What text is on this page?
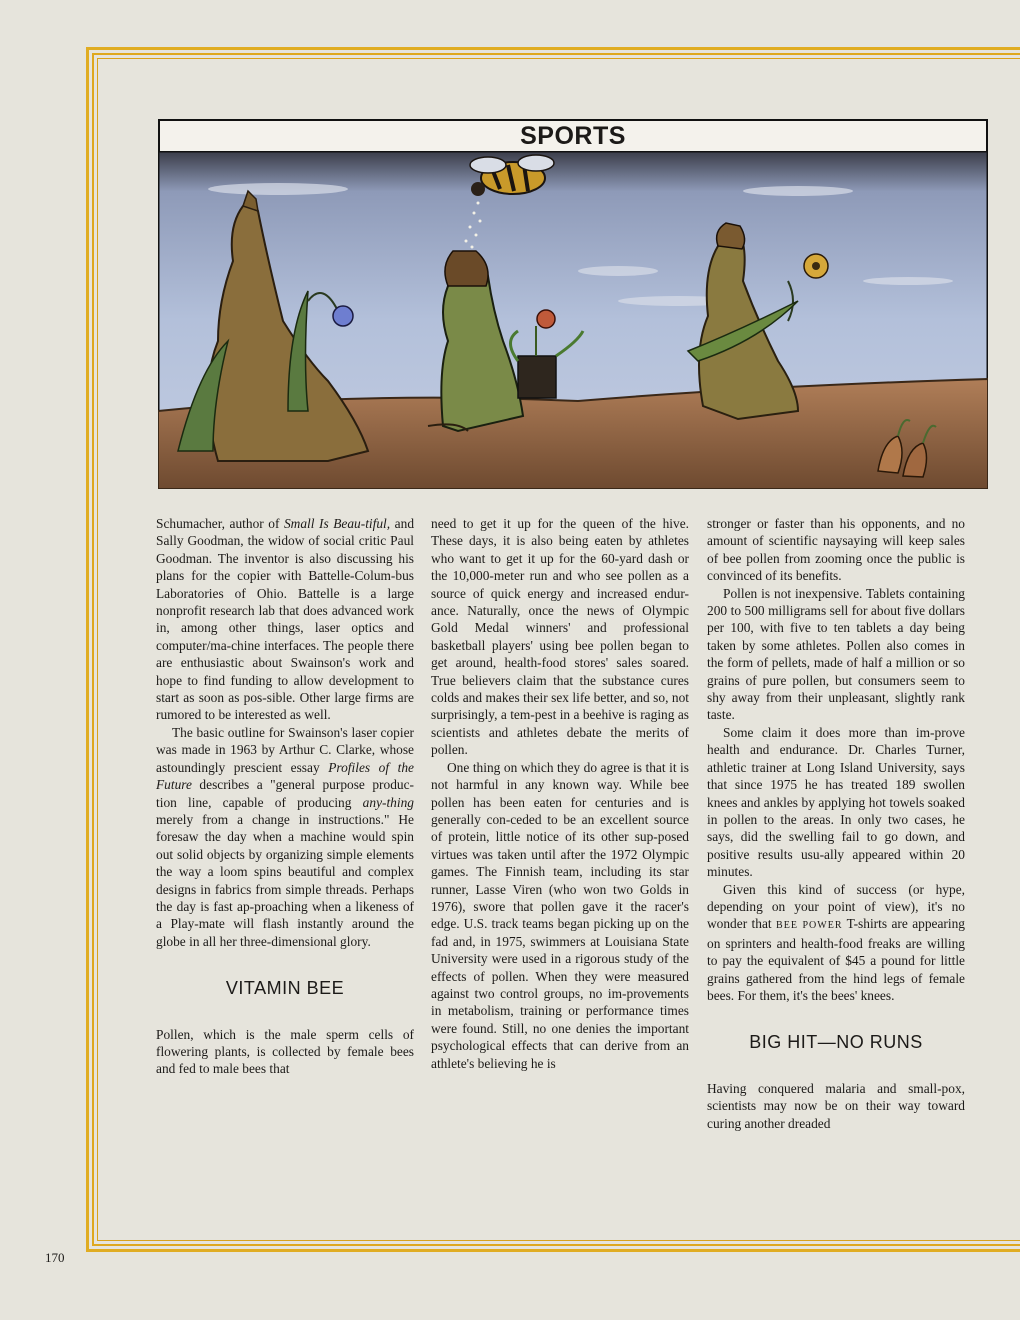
SPORTS

Schumacher, author of Small Is Beau-tiful, and Sally Goodman, the widow of social critic Paul Goodman. The inventor is also discussing his plans for the copier with Battelle-Colum-bus Laboratories of Ohio. Battelle is a large nonprofit research lab that does advanced work in, among other things, laser optics and computer/ma-chine interfaces. The people there are enthusiastic about Swainson's work and hope to find funding to allow development to start as soon as pos-sible. Other large firms are rumored to be interested as well.

The basic outline for Swainson's laser copier was made in 1963 by Arthur C. Clarke, whose astoundingly prescient essay Profiles of the Future describes a "general purpose produc-tion line, capable of producing any-thing merely from a change in instructions." He foresaw the day when a machine would spin out solid objects by organizing simple elements the way a loom spins beautiful and complex designs in fabrics from simple threads. Perhaps the day is fast ap-proaching when a likeness of a Play-mate will flash instantly around the globe in all her three-dimensional glory.

VITAMIN BEE

Pollen, which is the male sperm cells of flowering plants, is collected by female bees and fed to male bees that

need to get it up for the queen of the hive. These days, it is also being eaten by athletes who want to get it up for the 60-yard dash or the 10,000-meter run and who see pollen as a source of quick energy and increased endur-ance. Naturally, once the news of Olympic Gold Medal winners' and professional basketball players' using bee pollen began to get around, health-food stores' sales soared. True believers claim that the substance cures colds and makes their sex life better, and so, not surprisingly, a tem-pest in a beehive is raging as scientists and athletes debate the merits of pollen.

One thing on which they do agree is that it is not harmful in any known way. While bee pollen has been eaten for centuries and is generally con-ceded to be an excellent source of protein, little notice of its other sup-posed virtues was taken until after the 1972 Olympic games. The Finnish team, including its star runner, Lasse Viren (who won two Golds in 1976), swore that pollen gave it the racer's edge. U.S. track teams began picking up on the fad and, in 1975, swimmers at Louisiana State University were used in a rigorous study of the effects of pollen. When they were measured against two control groups, no im-provements in metabolism, training or performance times were found. Still, no one denies the important psychological effects that can derive from an athlete's believing he is

stronger or faster than his opponents, and no amount of scientific naysaying will keep sales of bee pollen from zooming once the public is convinced of its benefits.

Pollen is not inexpensive. Tablets containing 200 to 500 milligrams sell for about five dollars per 100, with five to ten tablets a day being taken by some athletes. Pollen also comes in the form of pellets, made of half a million or so grains of pure pollen, but consumers seem to shy away from their unpleasant, slightly rank taste.

Some claim it does more than im-prove health and endurance. Dr. Charles Turner, athletic trainer at Long Island University, says that since 1975 he has treated 189 swollen knees and ankles by applying hot towels soaked in pollen to the areas. In only two cases, he says, did the swelling fail to go down, and positive results usu-ally appeared within 20 minutes.

Given this kind of success (or hype, depending on your point of view), it's no wonder that BEE POWER T-shirts are appearing on sprinters and health-food freaks are willing to pay the equivalent of $45 a pound for little grains gathered from the hind legs of female bees. For them, it's the bees' knees.

BIG HIT—NO RUNS

Having conquered malaria and small-pox, scientists may now be on their way toward curing another dreaded

170
